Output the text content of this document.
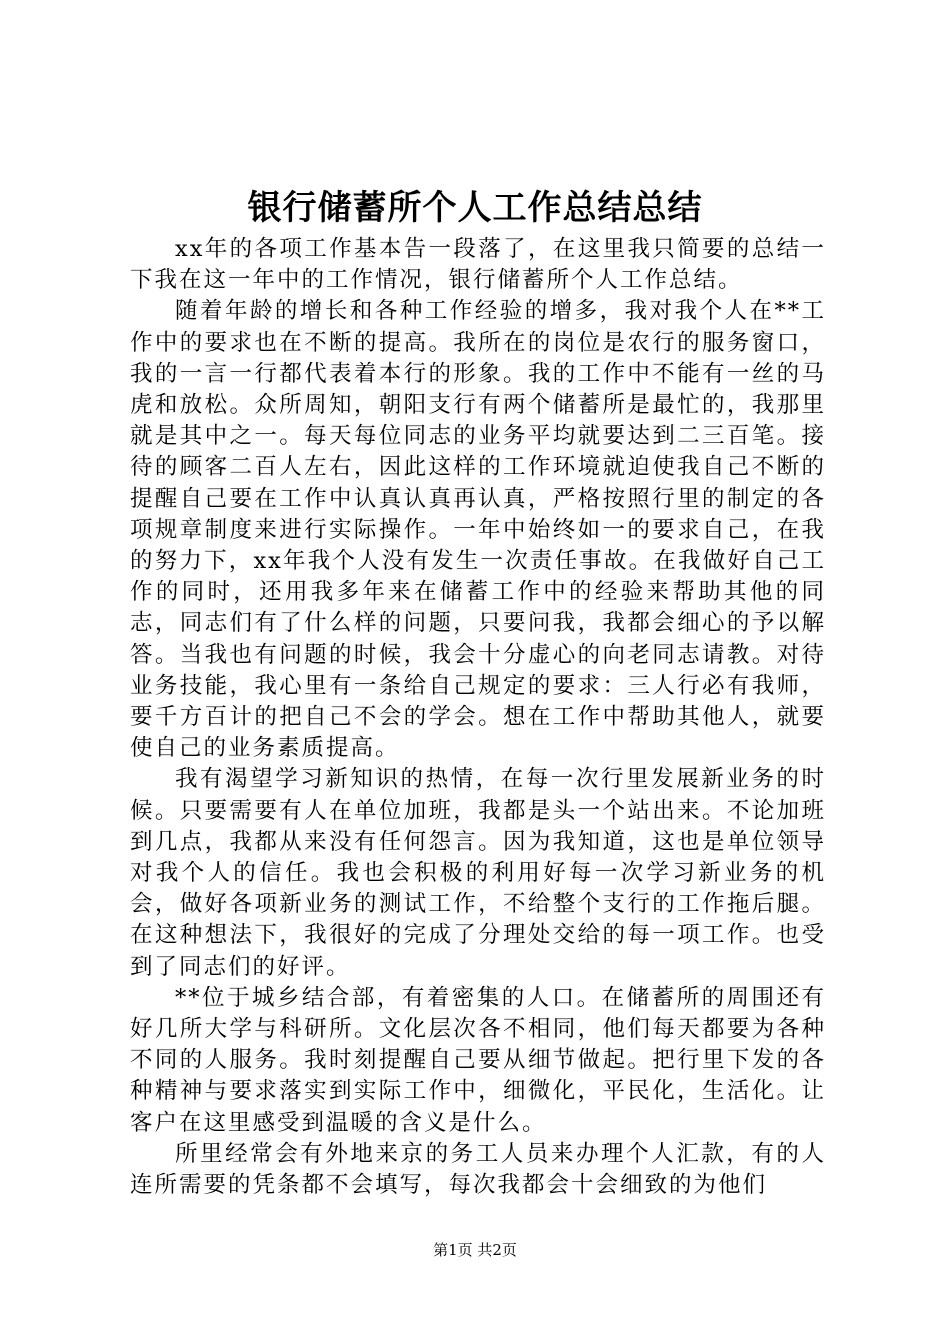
银行储蓄所个人工作总结总结

xx年的各项工作基本告一段落了，在这里我只简要的总结一下我在这一年中的工作情况，银行储蓄所个人工作总结。

随着年龄的增长和各种工作经验的增多，我对我个人在**工作中的要求也在不断的提高。我所在的岗位是农行的服务窗口，我的一言一行都代表着本行的形象。我的工作中不能有一丝的马虎和放松。众所周知，朝阳支行有两个储蓄所是最忙的，我那里就是其中之一。每天每位同志的业务平均就要达到二三百笔。接待的顾客二百人左右，因此这样的工作环境就迫使我自己不断的提醒自己要在工作中认真认真再认真，严格按照行里的制定的各项规章制度来进行实际操作。一年中始终如一的要求自己，在我的努力下，xx年我个人没有发生一次责任事故。在我做好自己工作的同时，还用我多年来在储蓄工作中的经验来帮助其他的同志，同志们有了什么样的问题，只要问我，我都会细心的予以解答。当我也有问题的时候，我会十分虚心的向老同志请教。对待业务技能，我心里有一条给自己规定的要求：三人行必有我师，要千方百计的把自己不会的学会。想在工作中帮助其他人，就要使自己的业务素质提高。

我有渴望学习新知识的热情，在每一次行里发展新业务的时候。只要需要有人在单位加班，我都是头一个站出来。不论加班到几点，我都从来没有任何怨言。因为我知道，这也是单位领导对我个人的信任。我也会积极的利用好每一次学习新业务的机会，做好各项新业务的测试工作，不给整个支行的工作拖后腿。在这种想法下，我很好的完成了分理处交给的每一项工作。也受到了同志们的好评。

**位于城乡结合部，有着密集的人口。在储蓄所的周围还有好几所大学与科研所。文化层次各不相同，他们每天都要为各种不同的人服务。我时刻提醒自己要从细节做起。把行里下发的各种精神与要求落实到实际工作中，细微化，平民化，生活化。让客户在这里感受到温暖的含义是什么。

所里经常会有外地来京的务工人员来办理个人汇款，有的人连所需要的凭条都不会填写，每次我都会十会细致的为他们

第1页 共2页
